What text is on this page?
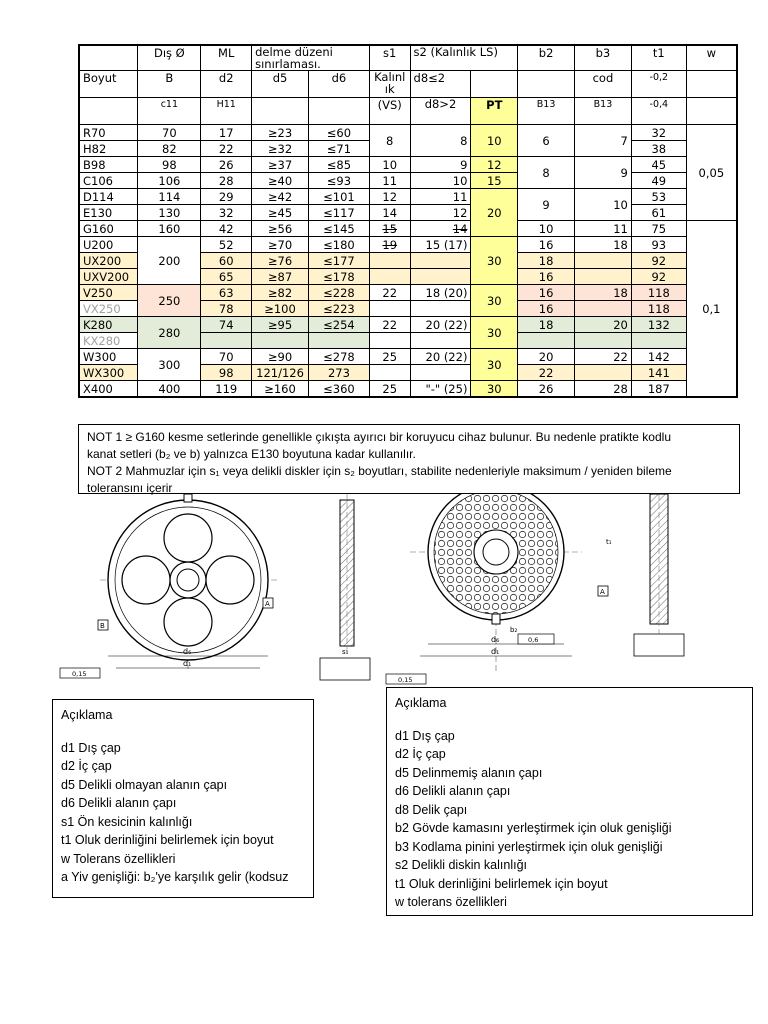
	Dış Ø	ML	delme düzeni sınırlaması.		s1	s2 (Kalınlık LS)		b2	b3	t1	w
Boyut	B	d2	d5	d6	Kalınlık	d8≤2			cod	-0,2	
	c11	H11			(VS)	d8>2	PT	B13	B13	-0,4	
R70	70	17	≥23	≤60	8	8	10	6	7	32	0,05
H82	82	22	≥32	≤71						38	
B98	98	26	≥37	≤85	10	9	12	8	9	45	
C106	106	28	≥40	≤93	11	10	15			49	
D114	114	29	≥42	≤101	12	11	20	9	10	53	
E130	130	32	≥45	≤117	14	12				61	
G160	160	42	≥56	≤145	15	14		10	11	75	0,1
U200	200	52	≥70	≤180	19	15 (17)	30	16	18	93	
UX200		60	≥76	≤177				18		92	
UXV200		65	≥87	≤178				16		92	
V250	250	63	≥82	≤228	22	18 (20)	30	16	18	118	
VX250		78	≥100	≤223				16		118	
K280	280	74	≥95	≤254	22	20 (22)	30	18	20	132	
KX280											
W300	300	70	≥90	≤278	25	20 (22)	30	20	22	142	
WX300		98	121/126	273				22		141	
X400	400	119	≥160	≤360	25	"-" (25)	30	26	28	187	
NOT 1 ≥ G160 kesme setlerinde genellikle çıkışta ayırıcı bir koruyucu cihaz bulunur. Bu nedenle pratikte kodlu
kanat setleri (b₂ ve b) yalnızca E130 boyutuna kadar kullanılır.
NOT 2 Mahmuzlar için s₁ veya delikli diskler için s₂ boyutları, stabilite nedenleriyle maksimum / yeniden bileme
toleransını içerir
d₆
d₁
B
A
0,15
s₁
d₆
d₁
b₂
0,6
A
t₁
0,15
Açıklama
d1 Dış çap
d2 İç çap
d5 Delikli olmayan alanın çapı
d6 Delikli alanın çapı
s1 Ön kesicinin kalınlığı
t1 Oluk derinliğini belirlemek için boyut
w Tolerans özellikleri
a Yiv genişliği: b₂'ye karşılık gelir (kodsuz
Açıklama
d1 Dış çap
d2 İç çap
d5 Delinmemiş alanın çapı
d6 Delikli alanın çapı
d8 Delik çapı
b2 Gövde kamasını yerleştirmek için oluk genişliği
b3 Kodlama pinini yerleştirmek için oluk genişliği
s2 Delikli diskin kalınlığı
t1 Oluk derinliğini belirlemek için boyut
w tolerans özellikleri
